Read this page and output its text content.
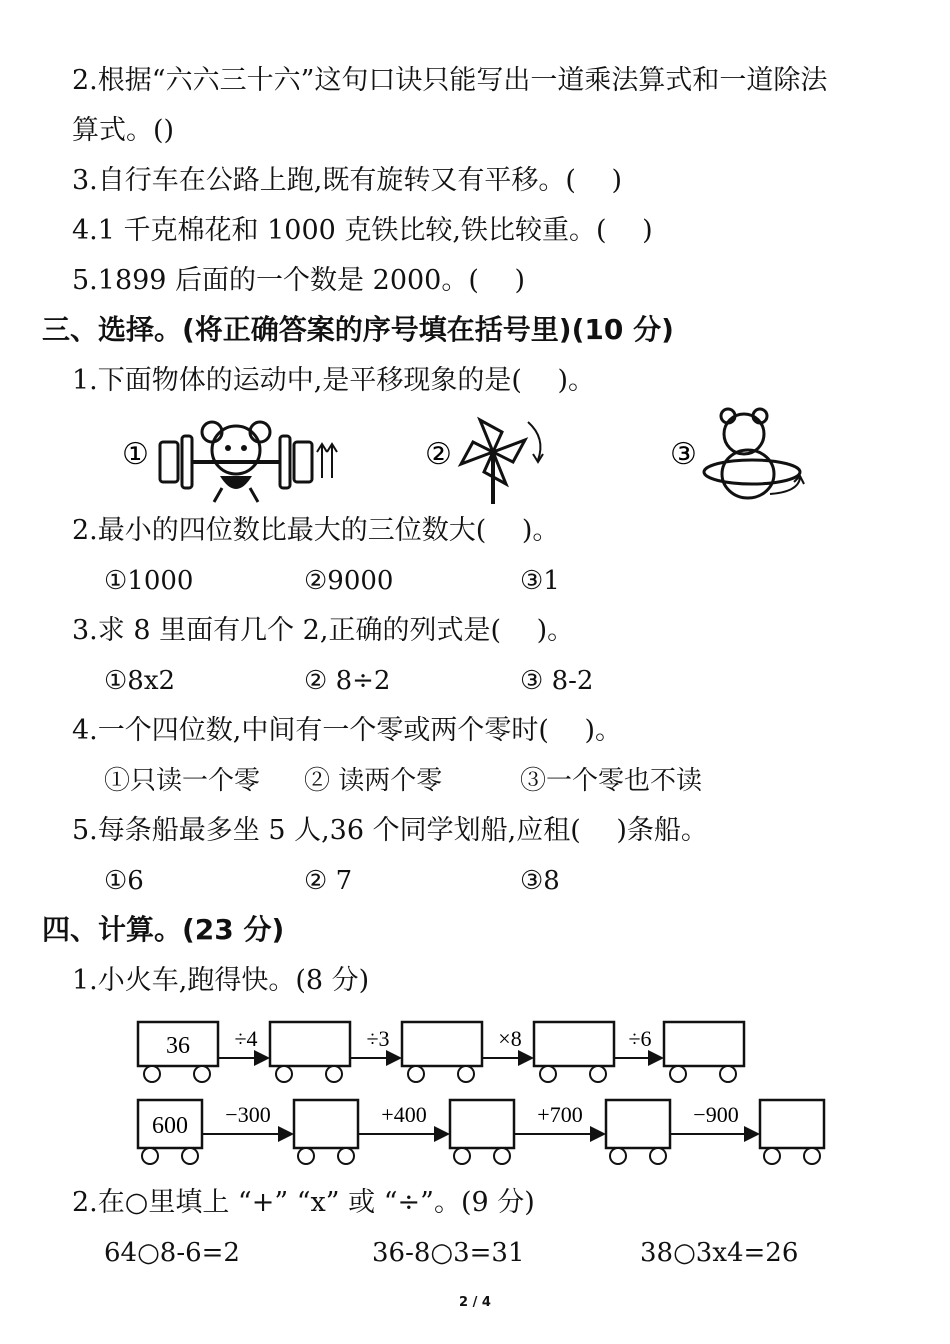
2.根据“六六三十六”这句口诀只能写出一道乘法算式和一道除法
算式。()
3.自行车在公路上跑,既有旋转又有平移。(　 )
4.1 千克棉花和 1000 克铁比较,铁比较重。(　 )
5.1899 后面的一个数是 2000。(　 )
三、选择。(将正确答案的序号填在括号里)(10 分)
1.下面物体的运动中,是平移现象的是(　 )。
①	②	③
2.最小的四位数比最大的三位数大(　 )。
①1000	②9000	③1
3.求 8 里面有几个 2,正确的列式是(　 )。
①8x2	② 8÷2	③ 8-2
4.一个四位数,中间有一个零或两个零时(　 )。
①只读一个零 ② 读两个零	③一个零也不读
5.每条船最多坐 5 人,36 个同学划船,应租(　 )条船。
①6	② 7	③8
四、计算。(23 分)
1.小火车,跑得快。(8 分)
36 ÷4	÷3	×8	÷6
600 −300	+400	+700	−900
2.在○里填上 “+” “x” 或 “÷”。(9 分)
64○8-6=2	36-8○3=31	38○3x4=26
2 / 4
